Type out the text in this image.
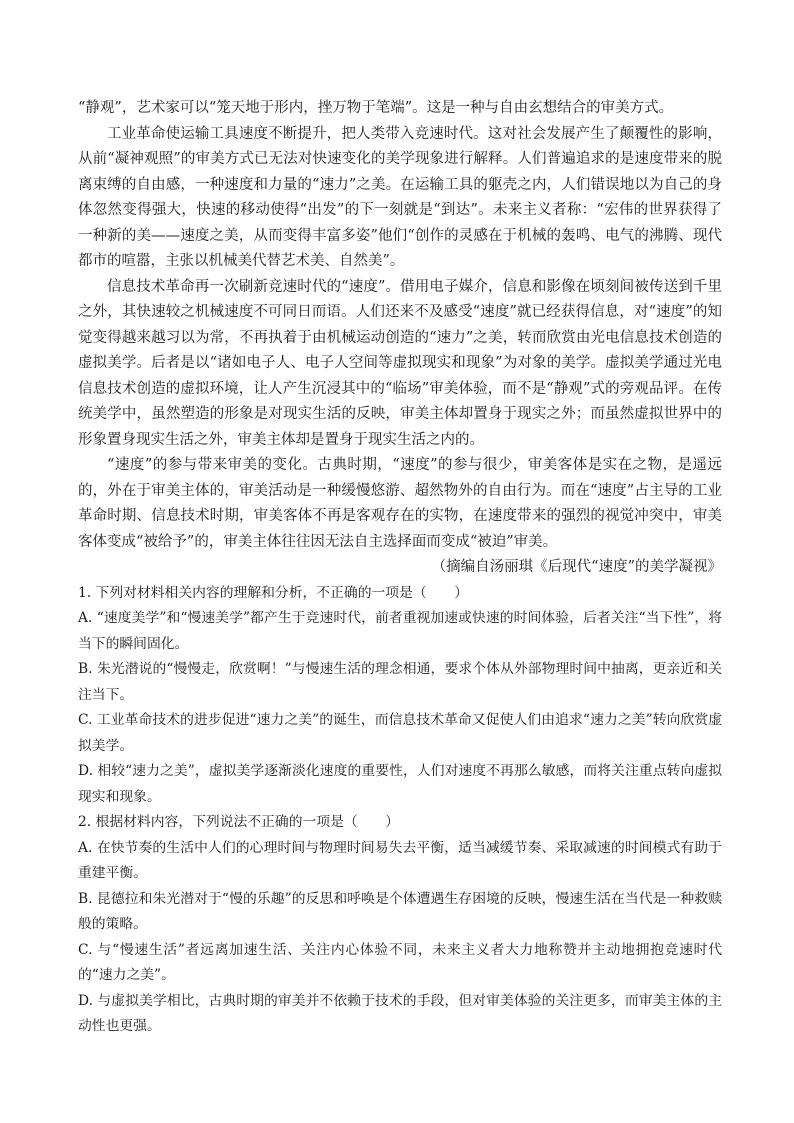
“静观”，艺术家可以“笼天地于形内，挫万物于笔端”。这是一种与自由玄想结合的审美方式。

工业革命使运输工具速度不断提升，把人类带入竞速时代。这对社会发展产生了颠覆性的影响，从前“凝神观照”的审美方式已无法对快速变化的美学现象进行解释。人们普遍追求的是速度带来的脱离束缚的自由感，一种速度和力量的“速力”之美。在运输工具的躯壳之内，人们错误地以为自己的身体忽然变得强大，快速的移动使得“出发”的下一刻就是“到达”。未来主义者称：“宏伟的世界获得了一种新的美——速度之美，从而变得丰富多姿”他们“创作的灵感在于机械的轰鸣、电气的沸腾、现代都市的喧嚣，主张以机械美代替艺术美、自然美”。

信息技术革命再一次刷新竞速时代的“速度”。借用电子媒介，信息和影像在顷刻间被传送到千里之外，其快速较之机械速度不可同日而语。人们还来不及感受“速度”就已经获得信息，对“速度”的知觉变得越来越习以为常，不再执着于由机械运动创造的“速力”之美，转而欣赏由光电信息技术创造的虚拟美学。后者是以“诸如电子人、电子人空间等虚拟现实和现象”为对象的美学。虚拟美学通过光电信息技术创造的虚拟环境，让人产生沉浸其中的“临场”审美体验，而不是“静观”式的旁观品评。在传统美学中，虽然塑造的形象是对现实生活的反映，审美主体却置身于现实之外；而虽然虚拟世界中的形象置身现实生活之外，审美主体却是置身于现实生活之内的。

“速度”的参与带来审美的变化。古典时期，“速度”的参与很少，审美客体是实在之物，是遥远的，外在于审美主体的，审美活动是一种缓慢悠游、超然物外的自由行为。而在“速度”占主导的工业革命时期、信息技术时期，审美客体不再是客观存在的实物，在速度带来的强烈的视觉冲突中，审美客体变成“被给予”的，审美主体往往因无法自主选择面而变成“被迫”审美。

（摘编自汤丽琪《后现代“速度”的美学凝视》

1. 下列对材料相关内容的理解和分析，不正确的一项是（　　）

A. “速度美学”和“慢速美学”都产生于竞速时代，前者重视加速或快速的时间体验，后者关注“当下性”，将当下的瞬间固化。

B. 朱光潜说的“慢慢走，欣赏啊！”与慢速生活的理念相通，要求个体从外部物理时间中抽离，更亲近和关注当下。

C. 工业革命技术的进步促进“速力之美”的诞生，而信息技术革命又促使人们由追求“速力之美”转向欣赏虚拟美学。

D. 相较“速力之美”，虚拟美学逐渐淡化速度的重要性，人们对速度不再那么敏感，而将关注重点转向虚拟现实和现象。

2. 根据材料内容，下列说法不正确的一项是（　　）

A. 在快节奏的生活中人们的心理时间与物理时间易失去平衡，适当减缓节奏、采取减速的时间模式有助于重建平衡。

B. 昆德拉和朱光潜对于“慢的乐趣”的反思和呼唤是个体遭遇生存困境的反映，慢速生活在当代是一种救赎般的策略。

C. 与“慢速生活”者远离加速生活、关注内心体验不同，未来主义者大力地称赞并主动地拥抱竞速时代的“速力之美”。

D. 与虚拟美学相比，古典时期的审美并不依赖于技术的手段，但对审美体验的关注更多，而审美主体的主动性也更强。
